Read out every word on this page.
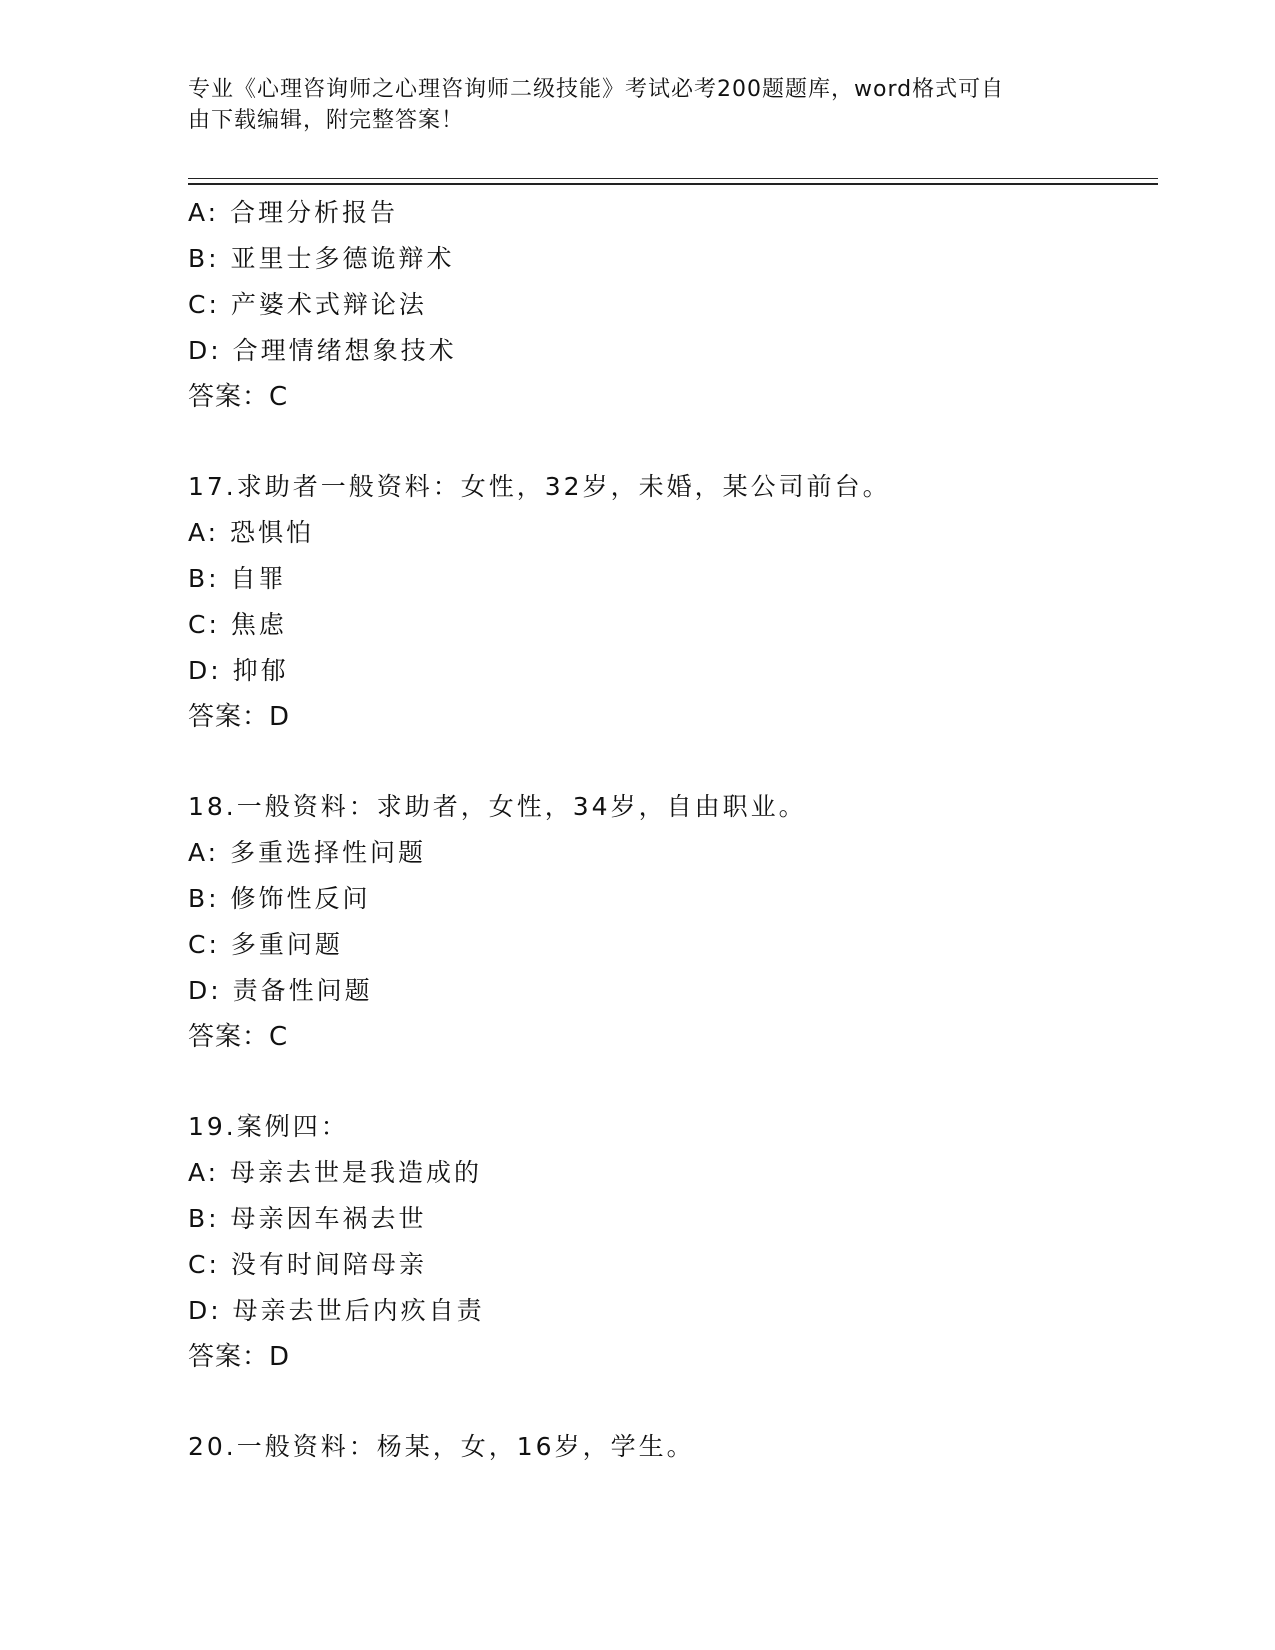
专业《心理咨询师之心理咨询师二级技能》考试必考200题题库，word格式可自
由下载编辑，附完整答案！
A: 合理分析报告
B: 亚里士多德诡辩术
C: 产婆术式辩论法
D: 合理情绪想象技术
答案：C
17.求助者一般资料：女性，32岁，未婚，某公司前台。
A: 恐惧怕
B: 自罪
C: 焦虑
D: 抑郁
答案：D
18.一般资料：求助者，女性，34岁，自由职业。
A: 多重选择性问题
B: 修饰性反问
C: 多重问题
D: 责备性问题
答案：C
19.案例四：
A: 母亲去世是我造成的
B: 母亲因车祸去世
C: 没有时间陪母亲
D: 母亲去世后内疚自责
答案：D
20.一般资料：杨某，女，16岁，学生。
